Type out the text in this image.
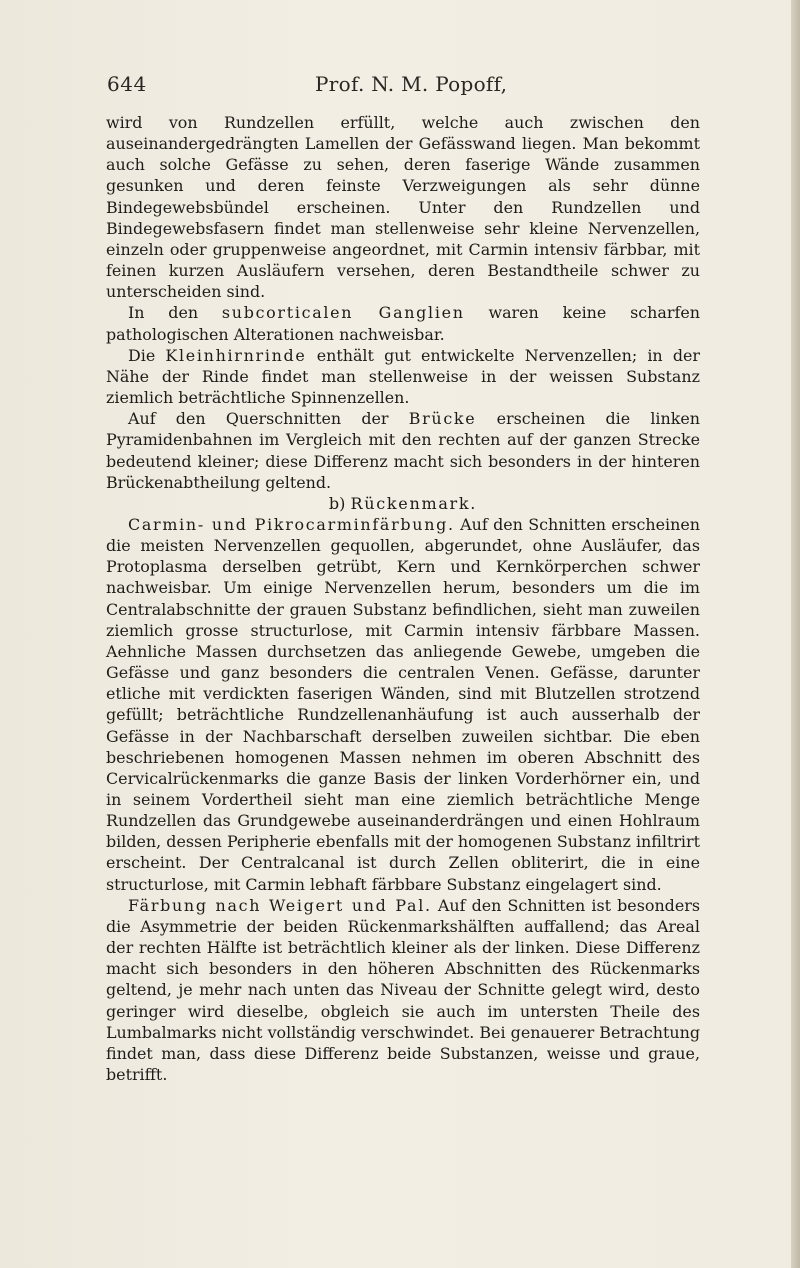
644	Prof. N. M. Popoff,

wird von Rundzellen erfüllt, welche auch zwischen den auseinandergedrängten Lamellen der Gefässwand liegen. Man bekommt auch solche Gefässe zu sehen, deren faserige Wände zusammen gesunken und deren feinste Verzweigungen als sehr dünne Bindegewebsbündel erscheinen. Unter den Rundzellen und Bindegewebsfasern findet man stellenweise sehr kleine Nervenzellen, einzeln oder gruppenweise angeordnet, mit Carmin intensiv färbbar, mit feinen kurzen Ausläufern versehen, deren Bestandtheile schwer zu unterscheiden sind.

In den subcorticalen Ganglien waren keine scharfen pathologischen Alterationen nachweisbar.

Die Kleinhirnrinde enthält gut entwickelte Nervenzellen; in der Nähe der Rinde findet man stellenweise in der weissen Substanz ziemlich beträchtliche Spinnenzellen.

Auf den Querschnitten der Brücke erscheinen die linken Pyramidenbahnen im Vergleich mit den rechten auf der ganzen Strecke bedeutend kleiner; diese Differenz macht sich besonders in der hinteren Brückenabtheilung geltend.

b) Rückenmark.

Carmin- und Pikrocarminfärbung. Auf den Schnitten erscheinen die meisten Nervenzellen gequollen, abgerundet, ohne Ausläufer, das Protoplasma derselben getrübt, Kern und Kernkörperchen schwer nachweisbar. Um einige Nervenzellen herum, besonders um die im Centralabschnitte der grauen Substanz befindlichen, sieht man zuweilen ziemlich grosse structurlose, mit Carmin intensiv färbbare Massen. Aehnliche Massen durchsetzen das anliegende Gewebe, umgeben die Gefässe und ganz besonders die centralen Venen. Gefässe, darunter etliche mit verdickten faserigen Wänden, sind mit Blutzellen strotzend gefüllt; beträchtliche Rundzellenanhäufung ist auch ausserhalb der Gefässe in der Nachbarschaft derselben zuweilen sichtbar. Die eben beschriebenen homogenen Massen nehmen im oberen Abschnitt des Cervicalrückenmarks die ganze Basis der linken Vorderhörner ein, und in seinem Vordertheil sieht man eine ziemlich beträchtliche Menge Rundzellen das Grundgewebe auseinanderdrängen und einen Hohlraum bilden, dessen Peripherie ebenfalls mit der homogenen Substanz infiltrirt erscheint. Der Centralcanal ist durch Zellen obliterirt, die in eine structurlose, mit Carmin lebhaft färbbare Substanz eingelagert sind.

Färbung nach Weigert und Pal. Auf den Schnitten ist besonders die Asymmetrie der beiden Rückenmarkshälften auffallend; das Areal der rechten Hälfte ist beträchtlich kleiner als der linken. Diese Differenz macht sich besonders in den höheren Abschnitten des Rückenmarks geltend, je mehr nach unten das Niveau der Schnitte gelegt wird, desto geringer wird dieselbe, obgleich sie auch im untersten Theile des Lumbalmarks nicht vollständig verschwindet. Bei genauerer Betrachtung findet man, dass diese Differenz beide Substanzen, weisse und graue, betrifft.
